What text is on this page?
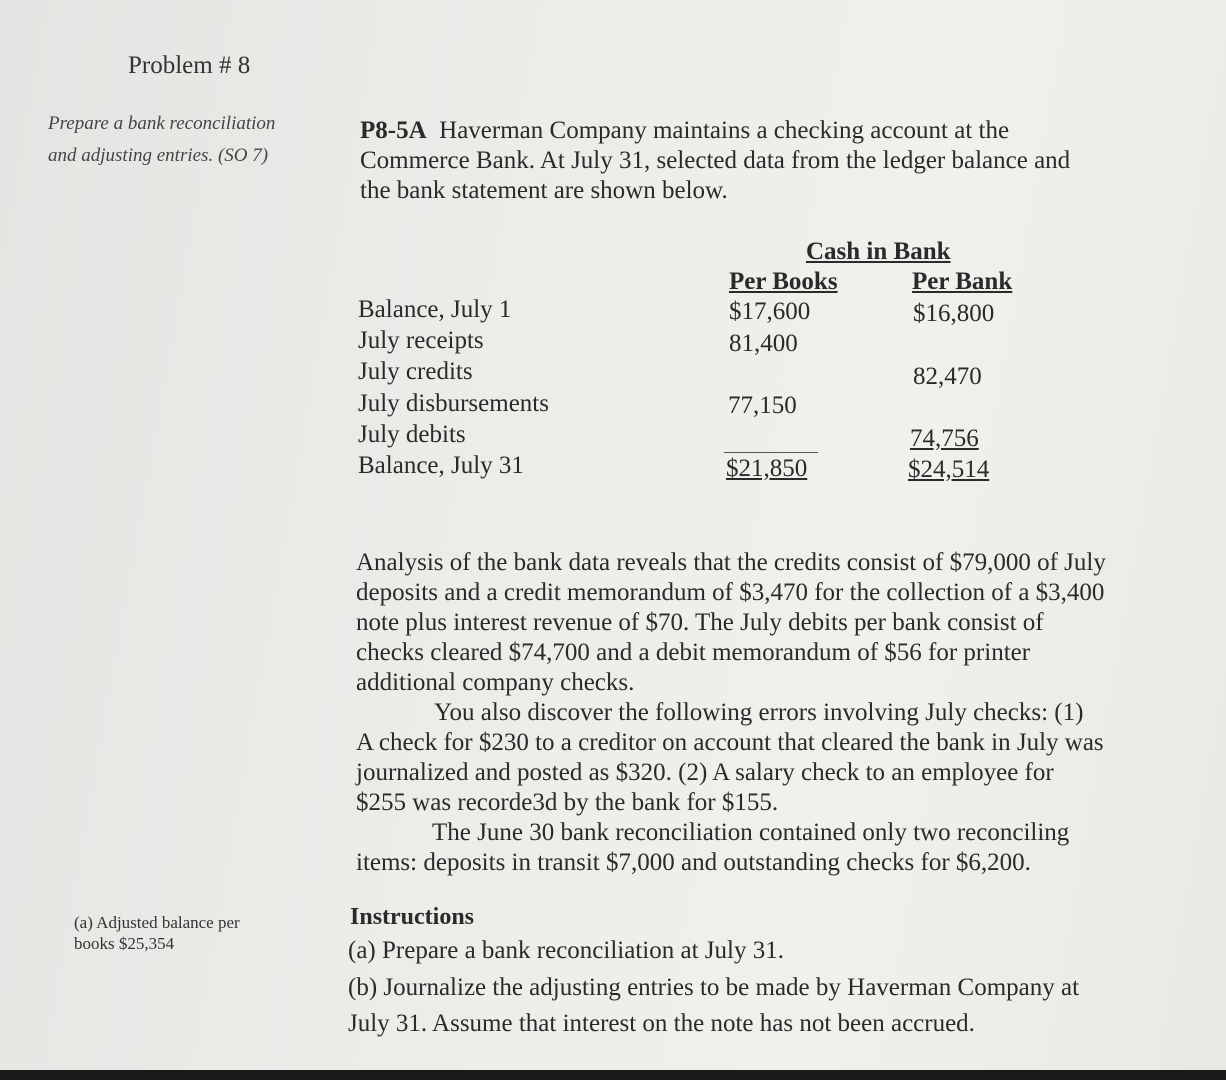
Problem # 8
Prepare a bank reconciliation
and adjusting entries. (SO 7)
(a) Adjusted balance per
books $25,354
P8-5A Haverman Company maintains a checking account at the
Commerce Bank. At July 31, selected data from the ledger balance and
the bank statement are shown below.
Cash in Bank
Per Books	Per Bank
Balance, July 1
July receipts
July credits
July disbursements
July debits
Balance, July 31
$17,600
81,400
77,150
$21,850
$16,800
82,470
74,756
$24,514
Analysis of the bank data reveals that the credits consist of $79,000 of July
deposits and a credit memorandum of $3,470 for the collection of a $3,400
note plus interest revenue of $70. The July debits per bank consist of
checks cleared $74,700 and a debit memorandum of $56 for printer
additional company checks.
You also discover the following errors involving July checks: (1)
A check for $230 to a creditor on account that cleared the bank in July was
journalized and posted as $320. (2) A salary check to an employee for
$255 was recorde3d by the bank for $155.
The June 30 bank reconciliation contained only two reconciling
items: deposits in transit $7,000 and outstanding checks for $6,200.
Instructions
(a) Prepare a bank reconciliation at July 31.
(b) Journalize the adjusting entries to be made by Haverman Company at
July 31. Assume that interest on the note has not been accrued.
